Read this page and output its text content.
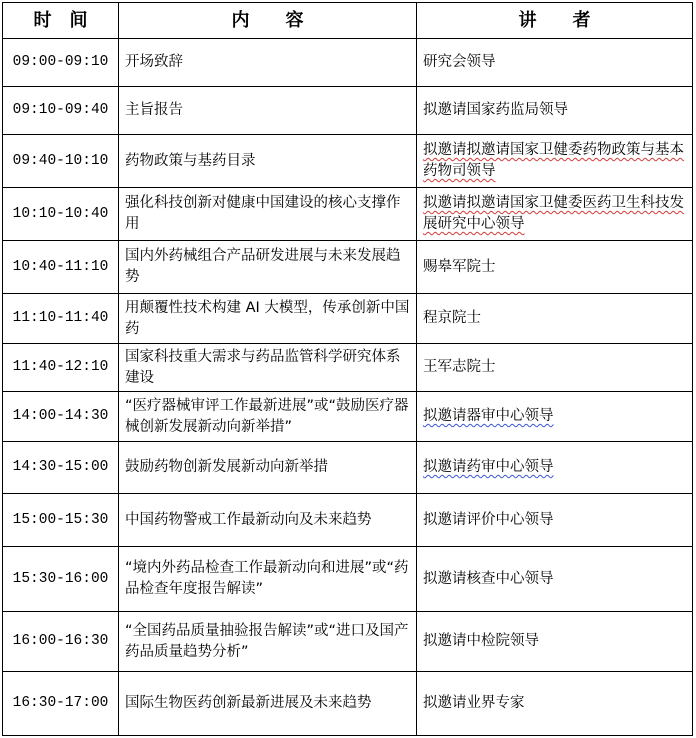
时　间	内　　容	讲　　者
09:00-09:10	开场致辞	研究会领导
09:10-09:40	主旨报告	拟邀请国家药监局领导
09:40-10:10	药物政策与基药目录	拟邀请拟邀请国家卫健委药物政策与基本药物司领导
10:10-10:40	强化科技创新对健康中国建设的核心支撑作用	拟邀请拟邀请国家卫健委医药卫生科技发展研究中心领导
10:40-11:10	国内外药械组合产品研发进展与未来发展趋势	赐皋军院士
11:10-11:40	用颠覆性技术构建 AI 大模型，传承创新中国药	程京院士
11:40-12:10	国家科技重大需求与药品监管科学研究体系建设	王军志院士
14:00-14:30	“医疗器械审评工作最新进展”或“鼓励医疗器械创新发展新动向新举措”	拟邀请器审中心领导
14:30-15:00	鼓励药物创新发展新动向新举措	拟邀请药审中心领导
15:00-15:30	中国药物警戒工作最新动向及未来趋势	拟邀请评价中心领导
15:30-16:00	“境内外药品检查工作最新动向和进展”或“药品检查年度报告解读”	拟邀请核查中心领导
16:00-16:30	“全国药品质量抽验报告解读”或“进口及国产药品质量趋势分析”	拟邀请中检院领导
16:30-17:00	国际生物医药创新最新进展及未来趋势	拟邀请业界专家
